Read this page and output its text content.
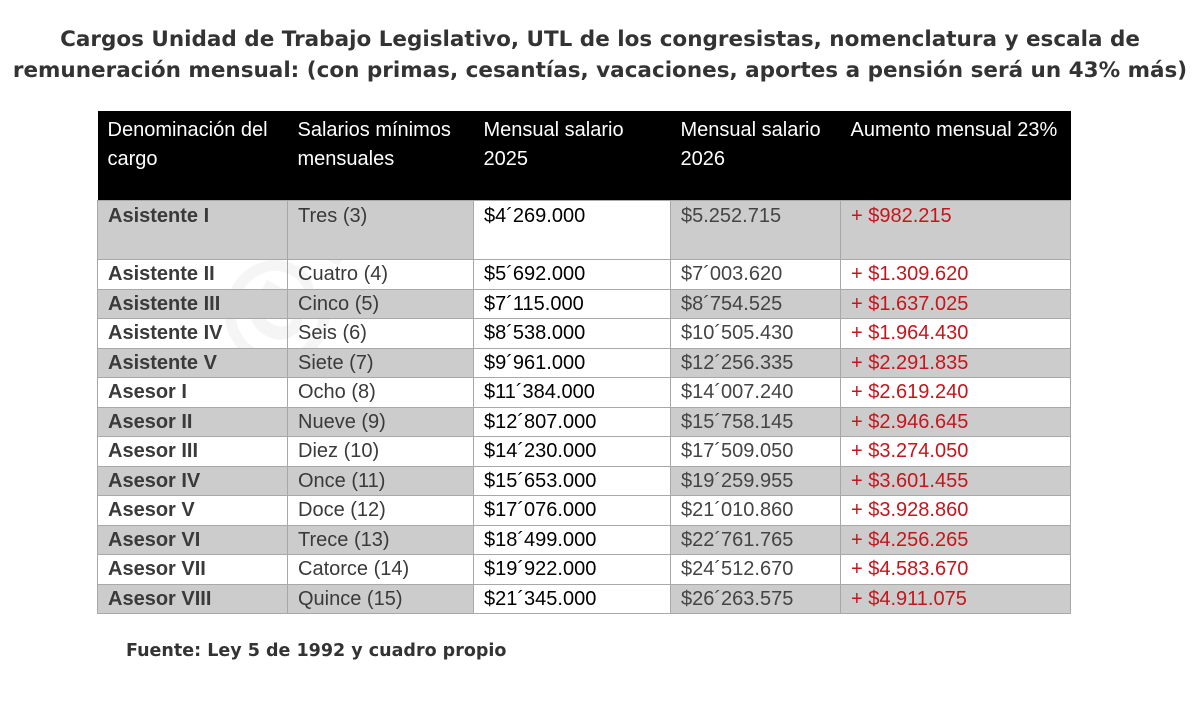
Cargos Unidad de Trabajo Legislativo, UTL de los congresistas, nomenclatura y escala de
remuneración mensual: (con primas, cesantías, vacaciones, aportes a pensión será un 43% más)
Denominación del cargo	Salarios mínimos mensuales	Mensual salario 2025	Mensual salario 2026	Aumento mensual 23%
Asistente I	Tres (3)	$4´269.000	$5.252.715	+ $982.215
Asistente II	Cuatro (4)	$5´692.000	$7´003.620	+ $1.309.620
Asistente III	Cinco (5)	$7´115.000	$8´754.525	+ $1.637.025
Asistente IV	Seis (6)	$8´538.000	$10´505.430	+ $1.964.430
Asistente V	Siete (7)	$9´961.000	$12´256.335	+ $2.291.835
Asesor I	Ocho (8)	$11´384.000	$14´007.240	+ $2.619.240
Asesor II	Nueve (9)	$12´807.000	$15´758.145	+ $2.946.645
Asesor III	Diez (10)	$14´230.000	$17´509.050	+ $3.274.050
Asesor IV	Once (11)	$15´653.000	$19´259.955	+ $3.601.455
Asesor V	Doce (12)	$17´076.000	$21´010.860	+ $3.928.860
Asesor VI	Trece (13)	$18´499.000	$22´761.765	+ $4.256.265
Asesor VII	Catorce (14)	$19´922.000	$24´512.670	+ $4.583.670
Asesor VIII	Quince (15)	$21´345.000	$26´263.575	+ $4.911.075

Fuente: Ley 5 de 1992 y cuadro propio
